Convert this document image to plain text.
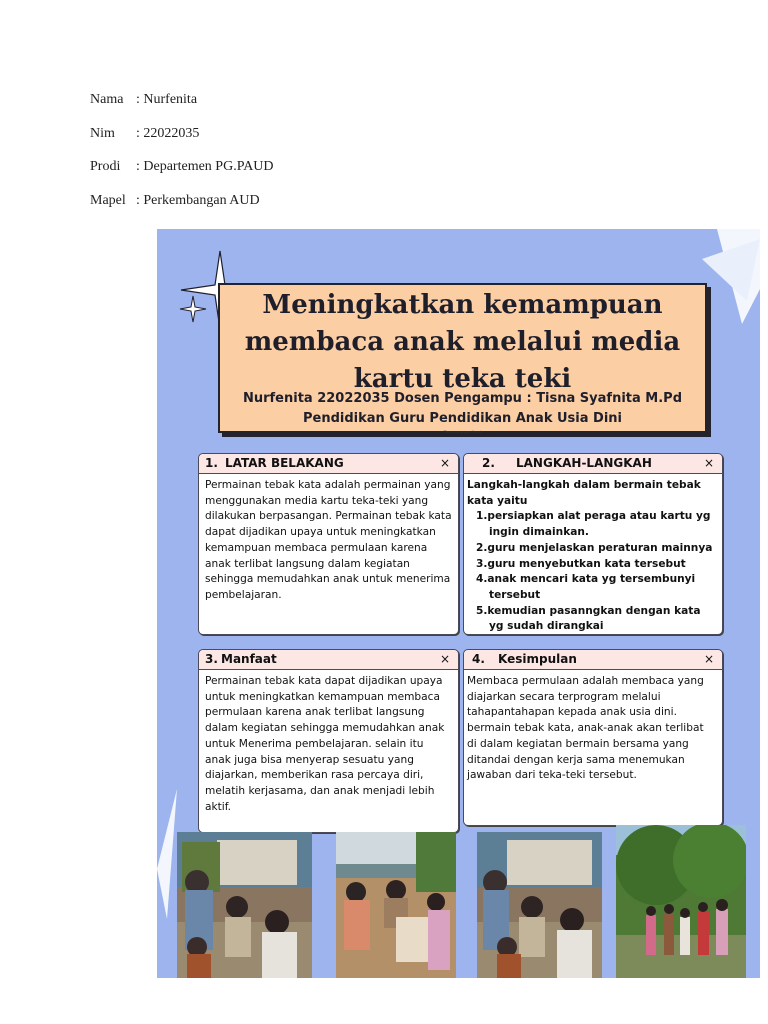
Nama : Nurfenita
Nim	: 22022035
Prodi	: Departemen PG.PAUD
Mapel : Perkembangan AUD
Meningkatkan kemampuan
membaca anak melalui media
kartu teka teki
Nurfenita 22022035 Dosen Pengampu : Tisna Syafnita M.Pd
Pendidikan Guru Pendidikan Anak Usia Dini
Tisna yang gan tisnai
1. LATAR BELAKANG	×
Permainan tebak kata adalah permainan yang menggunakan media kartu teka-teki yang dilakukan berpasangan. Permainan tebak kata dapat dijadikan upaya untuk meningkatkan kemampuan membaca permulaan karena anak terlibat langsung dalam kegiatan sehingga memudahkan anak untuk menerima pembelajaran.
2. LANGKAH-LANGKAH	×
Langkah-langkah dalam bermain tebak kata yaitu
1.persiapkan alat peraga atau kartu yg ingin dimainkan.
2.guru menjelaskan peraturan mainnya
3.guru menyebutkan kata tersebut
4.anak mencari kata yg tersembunyi tersebut
5.kemudian pasanngkan dengan kata yg sudah dirangkai
3. Manfaat	×
Permainan tebak kata dapat dijadikan upaya untuk meningkatkan kemampuan membaca permulaan karena anak terlibat langsung dalam kegiatan sehingga memudahkan anak untuk Menerima pembelajaran. selain itu anak juga bisa menyerap sesuatu yang diajarkan, memberikan rasa percaya diri, melatih kerjasama, dan anak menjadi lebih aktif.
4. Kesimpulan	×
Membaca permulaan adalah membaca yang diajarkan secara terprogram melalui tahapantahapan kepada anak usia dini.
bermain tebak kata, anak-anak akan terlibat di dalam kegiatan bermain bersama yang ditandai dengan kerja sama menemukan jawaban dari teka-teki tersebut.
